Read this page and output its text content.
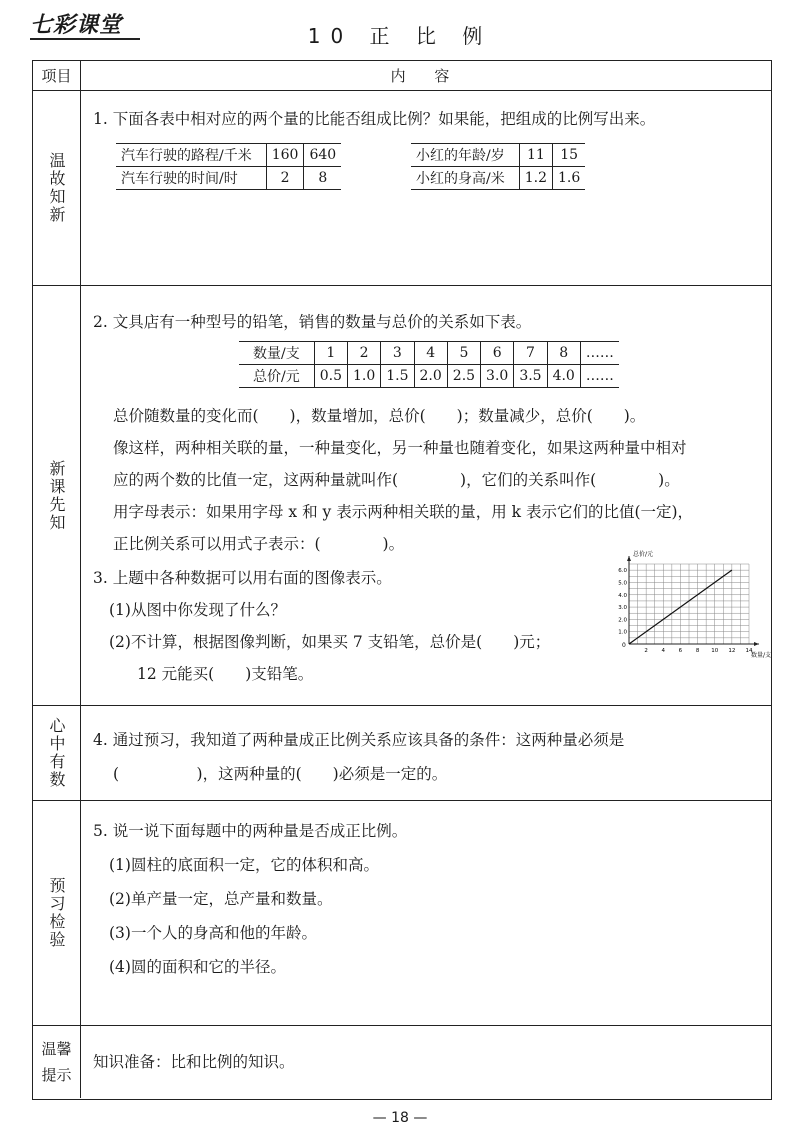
七彩课堂	10 正 比 例
项目	内 容
温故知新
1. 下面各表中相对应的两个量的比能否组成比例？如果能，把组成的比例写出来。
汽车行驶的路程/千米	160	640
汽车行驶的时间/时	2	8
小红的年龄/岁	11	15
小红的身高/米	1.2	1.6
新课先知
2. 文具店有一种型号的铅笔，销售的数量与总价的关系如下表。
数量/支	1	2	3	4	5	6	7	8	……
总价/元	0.5	1.0	1.5	2.0	2.5	3.0	3.5	4.0	……
总价随数量的变化而(　　)，数量增加，总价(　　)；数量减少，总价(　　)。
像这样，两种相关联的量，一种量变化，另一种量也随着变化，如果这两种量中相对
应的两个数的比值一定，这两种量就叫作(　　　　)，它们的关系叫作(　　　　)。
用字母表示：如果用字母 x 和 y 表示两种相关联的量，用 k 表示它们的比值(一定)，
正比例关系可以用式子表示：(　　　　)。
3. 上题中各种数据可以用右面的图像表示。
(1)从图中你发现了什么？
(2)不计算，根据图像判断，如果买 7 支铅笔，总价是(　　)元；
12 元能买(　　)支铅笔。
总价/元
数量/支
0
2 4 6 8 10 12 14
1.0
2.0
3.0
4.0
5.0
6.0
心中有数 4. 通过预习，我知道了两种量成正比例关系应该具备的条件：这两种量必须是
(　　　　　)，这两种量的(　　)必须是一定的。
预习检验
5. 说一说下面每题中的两种量是否成正比例。
(1)圆柱的底面积一定，它的体积和高。
(2)单产量一定，总产量和数量。
(3)一个人的身高和他的年龄。
(4)圆的面积和它的半径。
温馨提示
知识准备：比和比例的知识。
— 18 —
